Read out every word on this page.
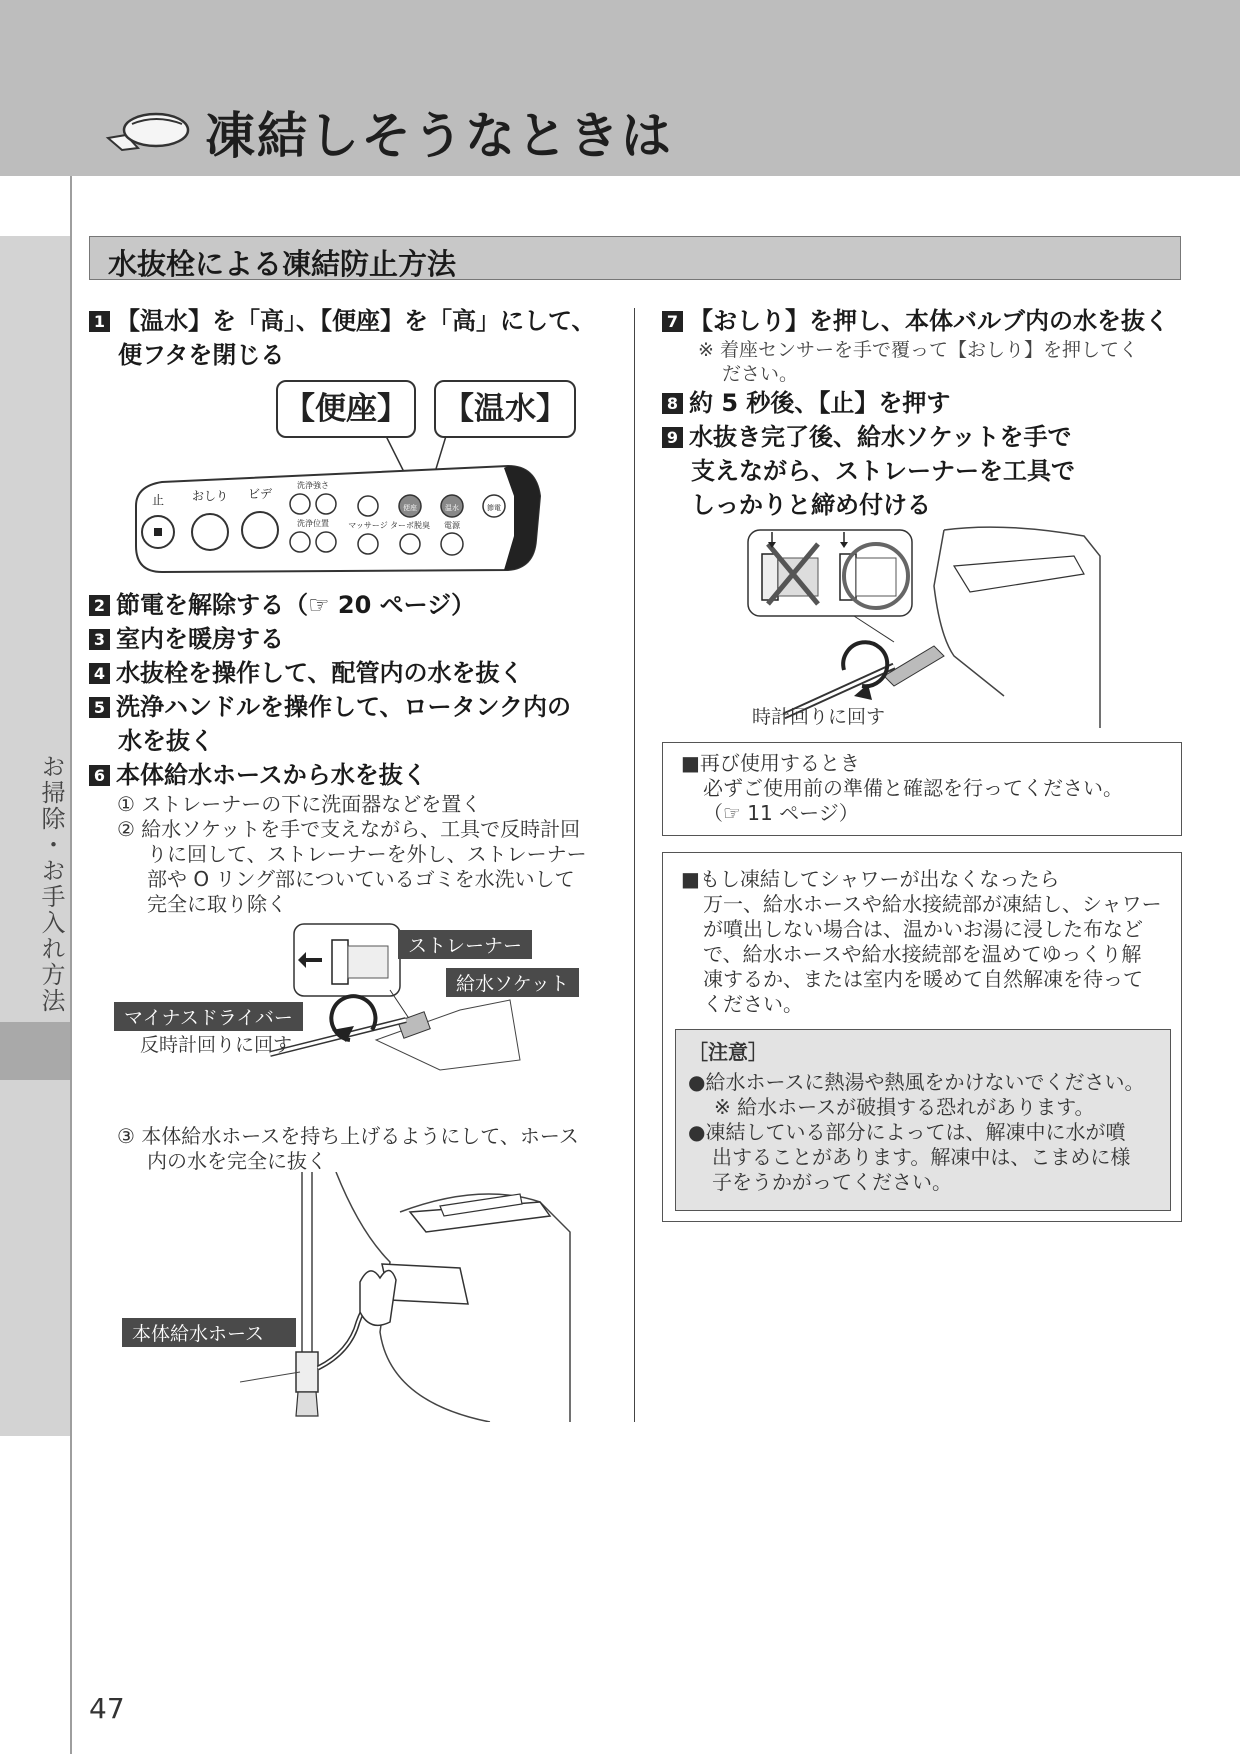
凍結しそうなときは
お掃除・お手入れ方法
水抜栓による凍結防止方法
1 【温水】を「高」、【便座】を「高」にして、
便フタを閉じる
【便座】 【温水】
止 おしり ビデ
洗浄強さ
洗浄位置 マッサージ ターボ脱臭 電源
便座	温水	節電
2 節電を解除する（☞ 20 ページ）
3 室内を暖房する
4 水抜栓を操作して、配管内の水を抜く
5 洗浄ハンドルを操作して、ロータンク内の
水を抜く
6 本体給水ホースから水を抜く
① ストレーナーの下に洗面器などを置く
② 給水ソケットを手で支えながら、工具で反時計回
りに回して、ストレーナーを外し、ストレーナー
部や O リング部についているゴミを水洗いして
完全に取り除く
ストレーナー
給水ソケット
マイナスドライバー
反時計回りに回す
③ 本体給水ホースを持ち上げるようにして、ホース
内の水を完全に抜く
本体給水ホース
7 【おしり】を押し、本体バルブ内の水を抜く
※ 着座センサーを手で覆って【おしり】を押してく
ださい。
8 約 5 秒後、【止】を押す
9 水抜き完了後、給水ソケットを手で
支えながら、ストレーナーを工具で
しっかりと締め付ける
時計回りに回す
■再び使用するとき
必ずご使用前の準備と確認を行ってください。
（☞ 11 ページ）
■もし凍結してシャワーが出なくなったら
万一、給水ホースや給水接続部が凍結し、シャワー
が噴出しない場合は、温かいお湯に浸した布など
で、給水ホースや給水接続部を温めてゆっくり解
凍するか、または室内を暖めて自然解凍を待って
ください。
［注意］
●給水ホースに熱湯や熱風をかけないでください。
※ 給水ホースが破損する恐れがあります。
●凍結している部分によっては、解凍中に水が噴
出することがあります。解凍中は、こまめに様
子をうかがってください。
47
